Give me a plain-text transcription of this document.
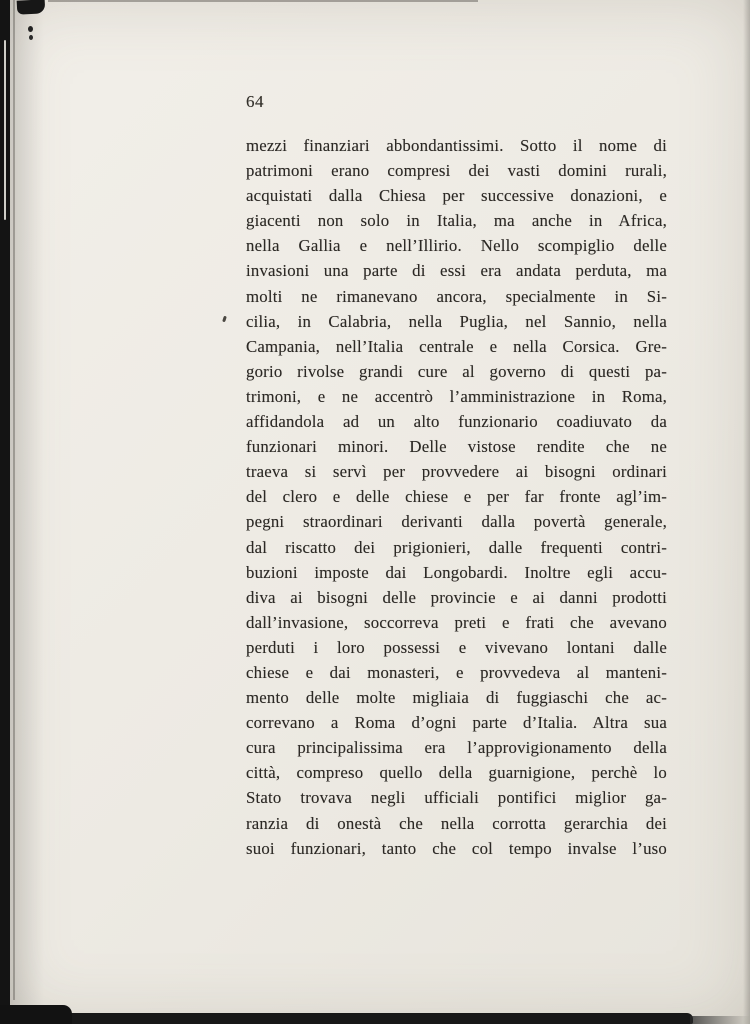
64
mezzi finanziari abbondantissimi. Sotto il nome di
patrimoni erano compresi dei vasti domini rurali,
acquistati dalla Chiesa per successive donazioni, e
giacenti non solo in Italia, ma anche in Africa,
nella Gallia e nell’Illirio. Nello scompiglio delle
invasioni una parte di essi era andata perduta, ma
molti ne rimanevano ancora, specialmente in Si-
cilia, in Calabria, nella Puglia, nel Sannio, nella
Campania, nell’Italia centrale e nella Corsica. Gre-
gorio rivolse grandi cure al governo di questi pa-
trimoni, e ne accentrò l’amministrazione in Roma,
affidandola ad un alto funzionario coadiuvato da
funzionari minori. Delle vistose rendite che ne
traeva si servì per provvedere ai bisogni ordinari
del clero e delle chiese e per far fronte agl’im-
pegni straordinari derivanti dalla povertà generale,
dal riscatto dei prigionieri, dalle frequenti contri-
buzioni imposte dai Longobardi. Inoltre egli accu-
diva ai bisogni delle provincie e ai danni prodotti
dall’invasione, soccorreva preti e frati che avevano
perduti i loro possessi e vivevano lontani dalle
chiese e dai monasteri, e provvedeva al manteni-
mento delle molte migliaia di fuggiaschi che ac-
correvano a Roma d’ogni parte d’Italia. Altra sua
cura principalissima era l’approvigionamento della
città, compreso quello della guarnigione, perchè lo
Stato trovava negli ufficiali pontifici miglior ga-
ranzia di onestà che nella corrotta gerarchia dei
suoi funzionari, tanto che col tempo invalse l’uso
